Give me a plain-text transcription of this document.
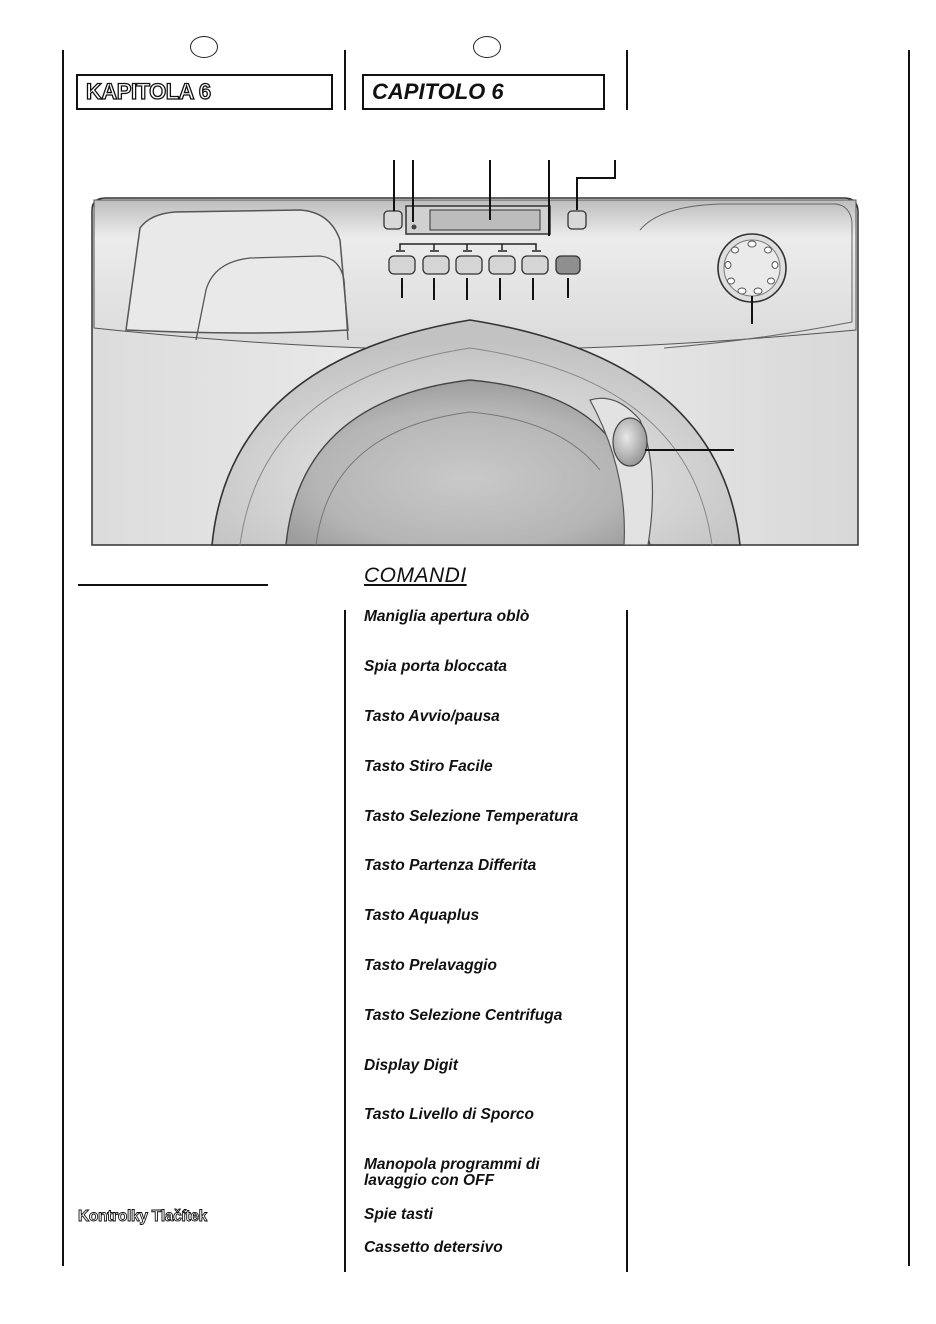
KAPITOLA 6	CAPITOLO 6
COMANDI
Maniglia apertura oblò
Spia porta bloccata
Tasto Avvio/pausa
Tasto Stiro Facile
Tasto Selezione Temperatura
Tasto Partenza Differita
Tasto Aquaplus
Tasto Prelavaggio
Tasto Selezione Centrifuga
Display Digit
Tasto Livello di Sporco
Manopola programmi di lavaggio con OFF
Spie tasti
Cassetto detersivo
Kontrolky Tlačítek
